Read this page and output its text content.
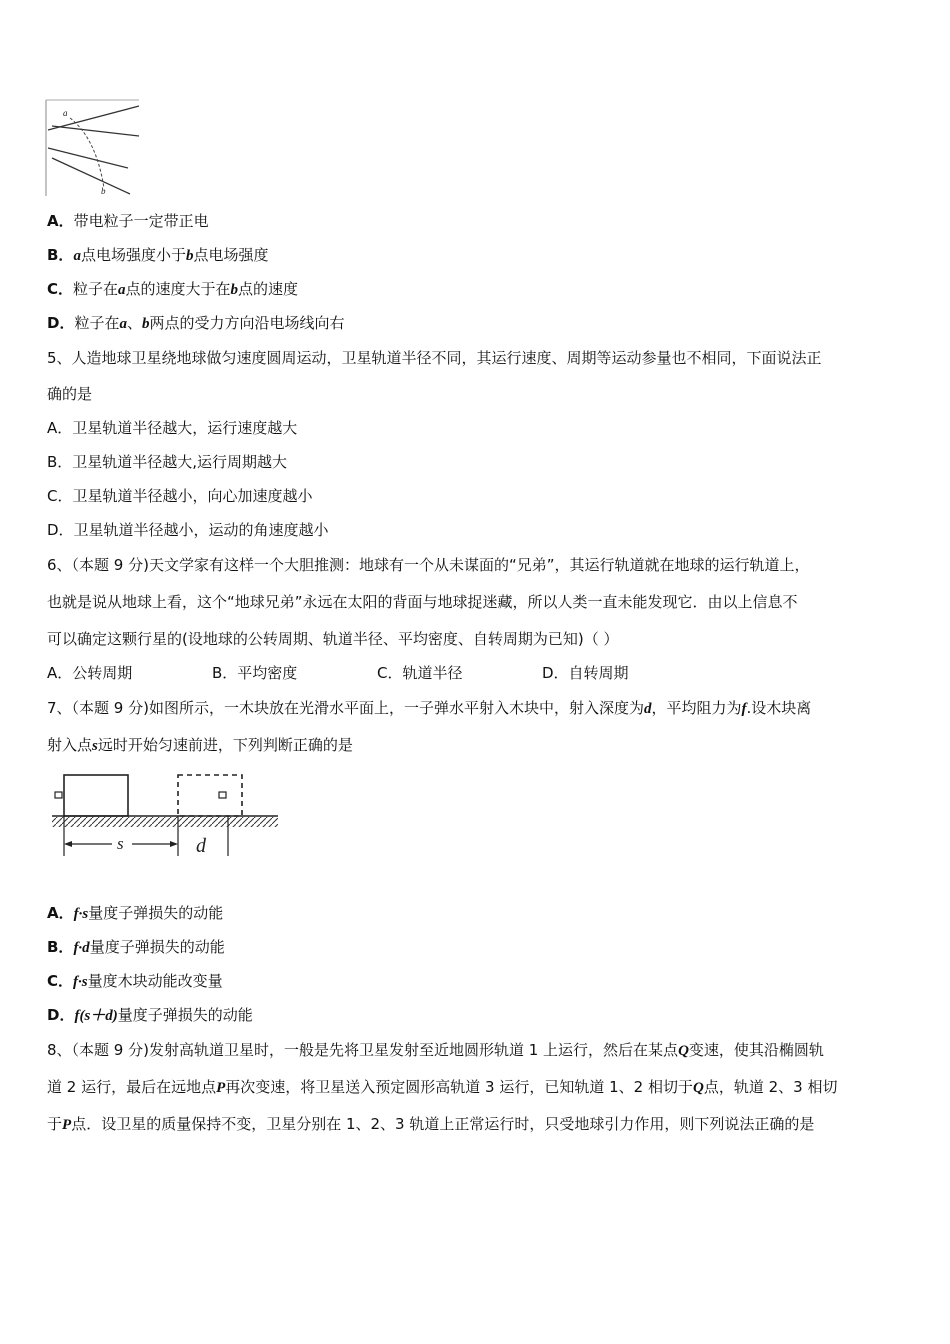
a
b
A．带电粒子一定带正电
B．a点电场强度小于b点电场强度
C．粒子在a点的速度大于在b点的速度
D．粒子在a、b两点的受力方向沿电场线向右
5、人造地球卫星绕地球做匀速度圆周运动，卫星轨道半径不同，其运行速度、周期等运动参量也不相同，下面说法正
确的是
A．卫星轨道半径越大，运行速度越大
B．卫星轨道半径越大,运行周期越大
C．卫星轨道半径越小，向心加速度越小
D．卫星轨道半径越小，运动的角速度越小
6、（本题 9 分)天文学家有这样一个大胆推测：地球有一个从未谋面的“兄弟”，其运行轨道就在地球的运行轨道上，
也就是说从地球上看，这个“地球兄弟”永远在太阳的背面与地球捉迷藏，所以人类一直未能发现它．由以上信息不
可以确定这颗行星的(设地球的公转周期、轨道半径、平均密度、自转周期为已知)（ ）
A．公转周期	B．平均密度	C．轨道半径	D．自转周期
7、（本题 9 分)如图所示，一木块放在光滑水平面上，一子弹水平射入木块中，射入深度为d，平均阻力为f.设木块离
射入点s远时开始匀速前进，下列判断正确的是
s	d
A．f·s量度子弹损失的动能
B．f·d量度子弹损失的动能
C．f·s量度木块动能改变量
D．f(s＋d)量度子弹损失的动能
8、（本题 9 分)发射高轨道卫星时，一般是先将卫星发射至近地圆形轨道 1 上运行，然后在某点Q变速，使其沿椭圆轨
道 2 运行，最后在远地点P再次变速，将卫星送入预定圆形高轨道 3 运行，已知轨道 1、2 相切于Q点，轨道 2、3 相切
于P点．设卫星的质量保持不变，卫星分别在 1、2、3 轨道上正常运行时，只受地球引力作用，则下列说法正确的是
